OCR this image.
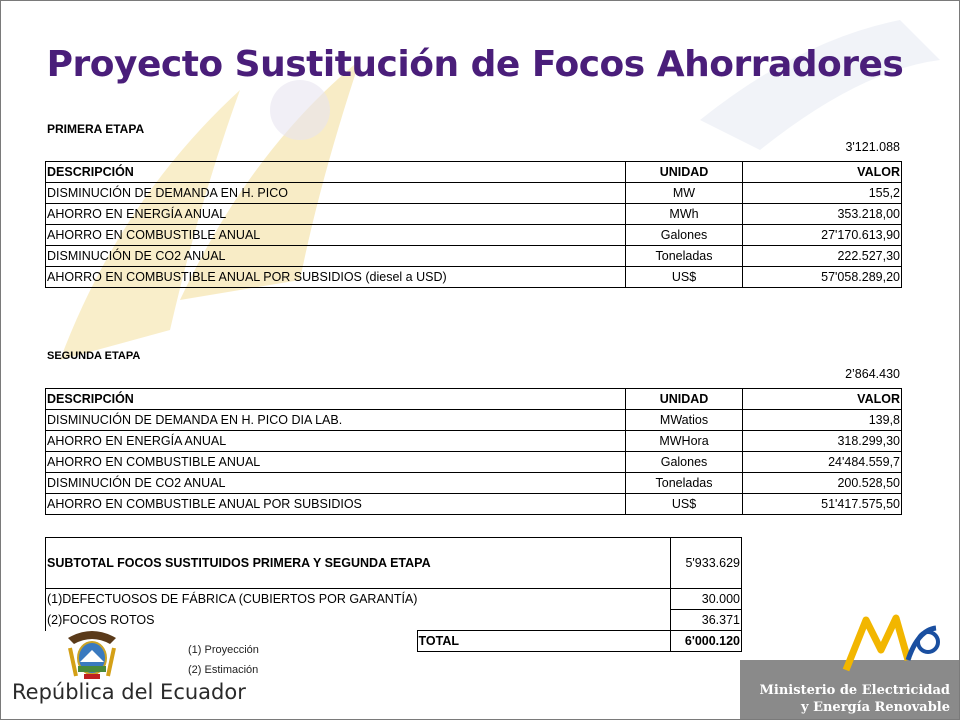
Proyecto Sustitución de Focos Ahorradores
PRIMERA ETAPA
3'121.088
DESCRIPCIÓN	UNIDAD	VALOR
DISMINUCIÓN DE DEMANDA EN H. PICO	MW	155,2
AHORRO EN ENERGÍA ANUAL	MWh	353.218,00
AHORRO EN COMBUSTIBLE ANUAL	Galones	27'170.613,90
DISMINUCIÓN DE CO2 ANUAL	Toneladas	222.527,30
AHORRO EN COMBUSTIBLE ANUAL POR SUBSIDIOS (diesel a USD)	US$	57'058.289,20
SEGUNDA ETAPA
2’864.430
DESCRIPCIÓN	UNIDAD	VALOR
DISMINUCIÓN DE DEMANDA EN H. PICO DIA LAB.	MWatios	139,8
AHORRO EN ENERGÍA ANUAL	MWHora	318.299,30
AHORRO EN COMBUSTIBLE ANUAL	Galones	24'484.559,7
DISMINUCIÓN DE CO2 ANUAL	Toneladas	200.528,50
AHORRO EN COMBUSTIBLE ANUAL POR SUBSIDIOS	US$	51'417.575,50
SUBTOTAL FOCOS SUSTITUIDOS PRIMERA Y SEGUNDA ETAPA		5'933.629
(1)DEFECTUOSOS DE FÁBRICA (CUBIERTOS POR GARANTÍA)		30.000
(2)FOCOS ROTOS		36.371
	TOTAL	6'000.120
(1) Proyección
(2) Estimación
República del Ecuador	Ministerio de Electricidad
y Energía Renovable
